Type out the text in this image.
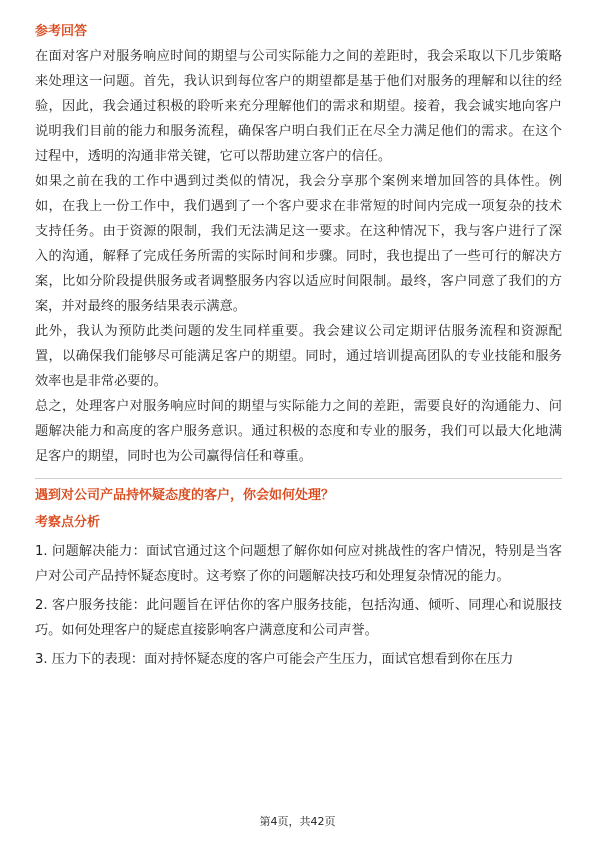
参考回答

在面对客户对服务响应时间的期望与公司实际能力之间的差距时，我会采取以下几步策略来处理这一问题。首先，我认识到每位客户的期望都是基于他们对服务的理解和以往的经验，因此，我会通过积极的聆听来充分理解他们的需求和期望。接着，我会诚实地向客户说明我们目前的能力和服务流程，确保客户明白我们正在尽全力满足他们的需求。在这个过程中，透明的沟通非常关键，它可以帮助建立客户的信任。

如果之前在我的工作中遇到过类似的情况，我会分享那个案例来增加回答的具体性。例如，在我上一份工作中，我们遇到了一个客户要求在非常短的时间内完成一项复杂的技术支持任务。由于资源的限制，我们无法满足这一要求。在这种情况下，我与客户进行了深入的沟通，解释了完成任务所需的实际时间和步骤。同时，我也提出了一些可行的解决方案，比如分阶段提供服务或者调整服务内容以适应时间限制。最终，客户同意了我们的方案，并对最终的服务结果表示满意。

此外，我认为预防此类问题的发生同样重要。我会建议公司定期评估服务流程和资源配置，以确保我们能够尽可能满足客户的期望。同时，通过培训提高团队的专业技能和服务效率也是非常必要的。

总之，处理客户对服务响应时间的期望与实际能力之间的差距，需要良好的沟通能力、问题解决能力和高度的客户服务意识。通过积极的态度和专业的服务，我们可以最大化地满足客户的期望，同时也为公司赢得信任和尊重。

遇到对公司产品持怀疑态度的客户，你会如何处理？
考察点分析

1. 问题解决能力：面试官通过这个问题想了解你如何应对挑战性的客户情况，特别是当客户对公司产品持怀疑态度时。这考察了你的问题解决技巧和处理复杂情况的能力。

2. 客户服务技能：此问题旨在评估你的客户服务技能，包括沟通、倾听、同理心和说服技巧。如何处理客户的疑虑直接影响客户满意度和公司声誉。

3. 压力下的表现：面对持怀疑态度的客户可能会产生压力，面试官想看到你在压力

第4页，共42页
